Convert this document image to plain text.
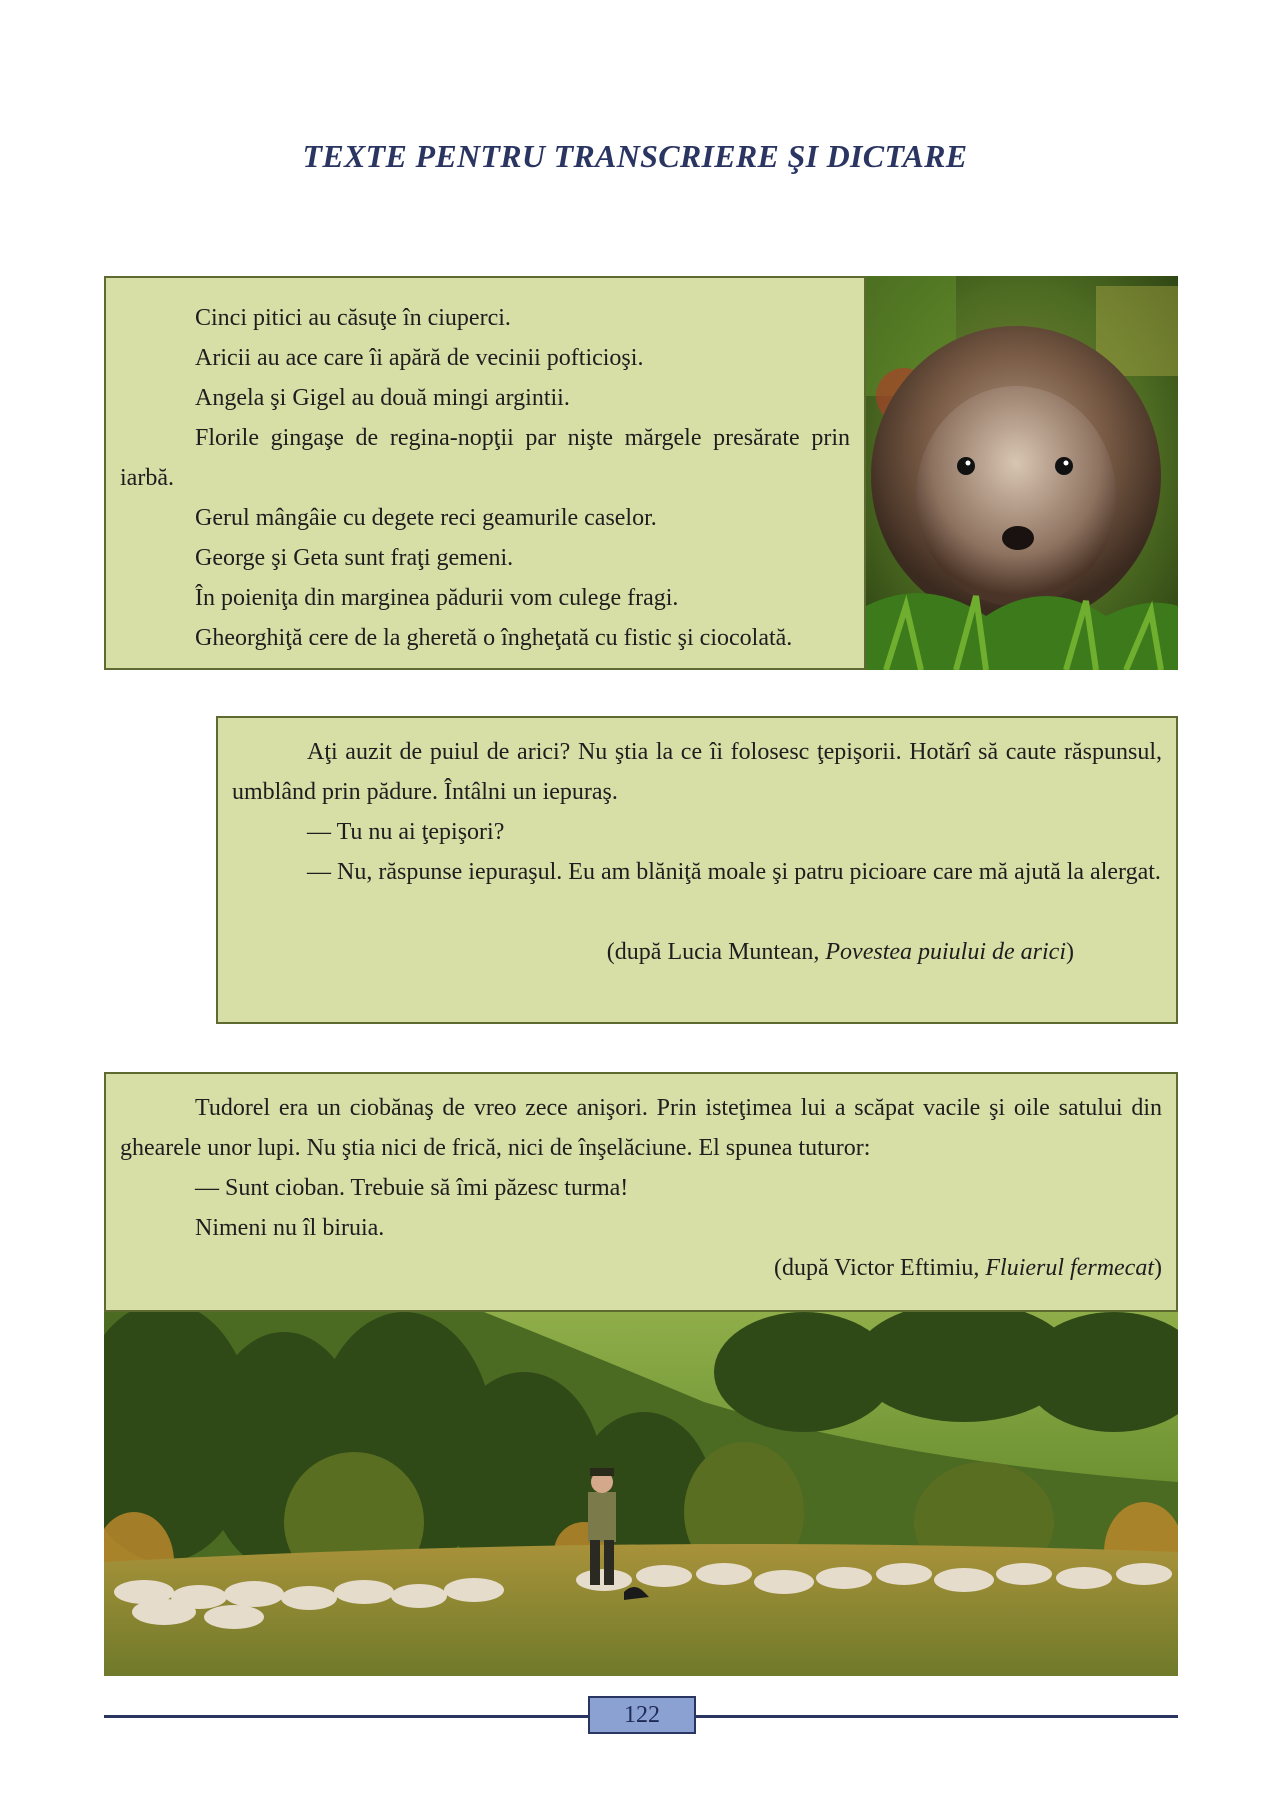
TEXTE PENTRU TRANSCRIERE ŞI DICTARE

Cinci pitici au căsuţe în ciuperci.

Aricii au ace care îi apără de vecinii pofticioşi.

Angela şi Gigel au două mingi argintii.

Florile gingaşe de regina-nopţii par nişte mărgele presărate prin iarbă.

Gerul mângâie cu degete reci geamurile caselor.

George şi Geta sunt fraţi gemeni.

În poieniţa din marginea pădurii vom culege fragi.

Gheorghiţă cere de la gheretă o îngheţată cu fistic şi ciocolată.

Aţi auzit de puiul de arici? Nu ştia la ce îi folosesc ţepişorii. Hotărî să caute răspunsul, umblând prin pădure. Întâlni un iepuraş.

— Tu nu ai ţepişori?

— Nu, răspunse iepuraşul. Eu am blăniţă moale şi patru picioare care mă ajută la alergat.

(după Lucia Muntean, Povestea puiului de arici)

Tudorel era un ciobănaş de vreo zece anişori. Prin isteţimea lui a scăpat vacile şi oile satului din ghearele unor lupi. Nu ştia nici de frică, nici de înşelăciune. El spunea tuturor:

— Sunt cioban. Trebuie să îmi păzesc turma!

Nimeni nu îl biruia.

(după Victor Eftimiu, Fluierul fermecat)

122
